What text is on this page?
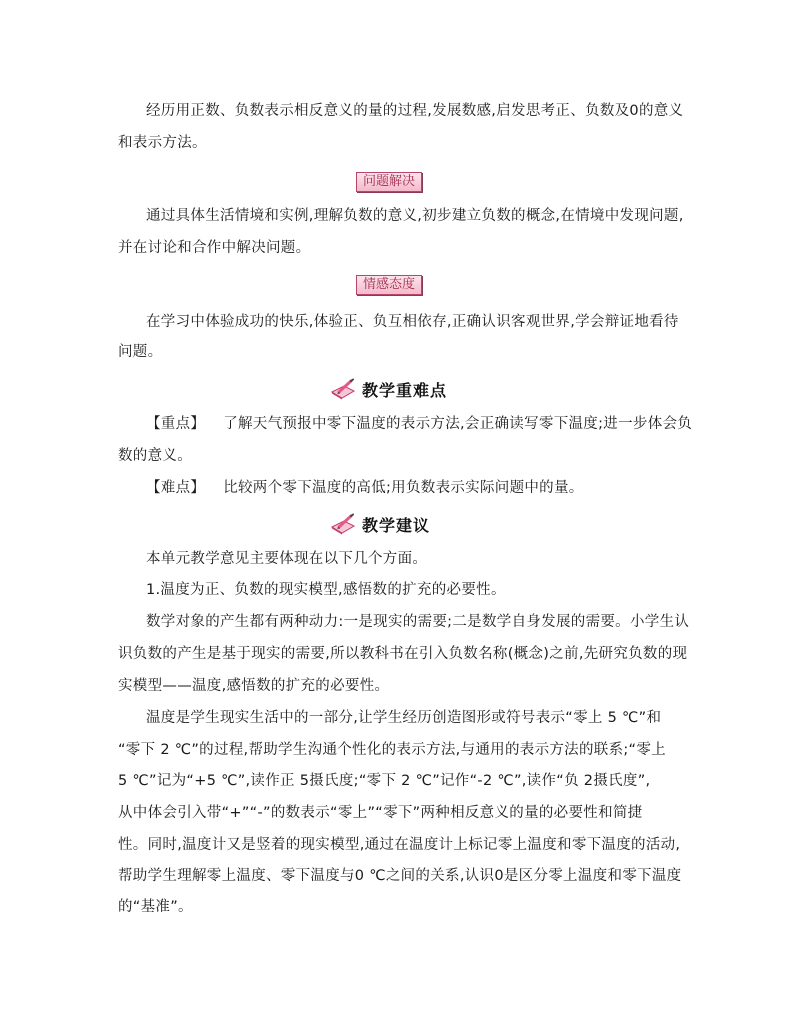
经历用正数、负数表示相反意义的量的过程,发展数感,启发思考正、负数及0的意义
和表示方法。
问题解决
通过具体生活情境和实例,理解负数的意义,初步建立负数的概念,在情境中发现问题,
并在讨论和合作中解决问题。
情感态度
在学习中体验成功的快乐,体验正、负互相依存,正确认识客观世界,学会辩证地看待
问题。
教学重难点
【重点】 了解天气预报中零下温度的表示方法,会正确读写零下温度;进一步体会负
数的意义。
【难点】 比较两个零下温度的高低;用负数表示实际问题中的量。
教学建议
本单元教学意见主要体现在以下几个方面。
1.温度为正、负数的现实模型,感悟数的扩充的必要性。
数学对象的产生都有两种动力:一是现实的需要;二是数学自身发展的需要。小学生认
识负数的产生是基于现实的需要,所以教科书在引入负数名称(概念)之前,先研究负数的现
实模型——温度,感悟数的扩充的必要性。
温度是学生现实生活中的一部分,让学生经历创造图形或符号表示“零上 5 ℃”和
“零下 2 ℃”的过程,帮助学生沟通个性化的表示方法,与通用的表示方法的联系;“零上
5 ℃”记为“+5 ℃”,读作正 5摄氏度;“零下 2 ℃”记作“-2 ℃”,读作“负 2摄氏度”,
从中体会引入带“+”“-”的数表示“零上”“零下”两种相反意义的量的必要性和简捷
性。同时,温度计又是竖着的现实模型,通过在温度计上标记零上温度和零下温度的活动,
帮助学生理解零上温度、零下温度与0 ℃之间的关系,认识0是区分零上温度和零下温度
的“基准”。
